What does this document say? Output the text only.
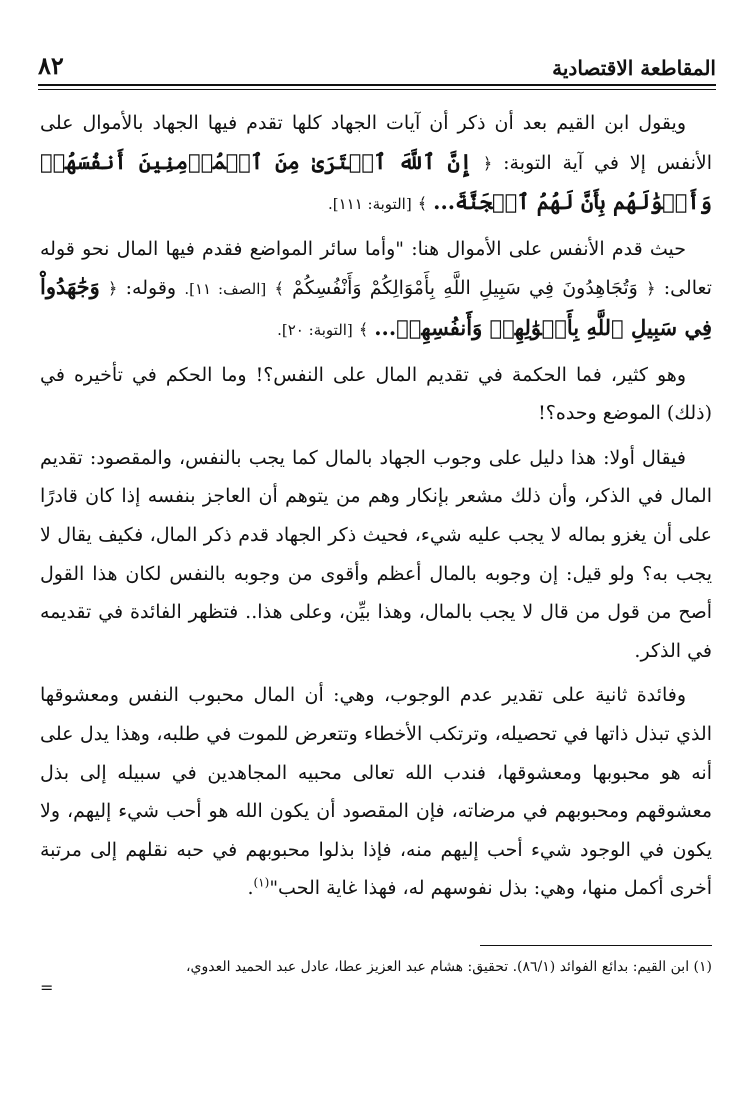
المقاطعة الاقتصادية
٨٢

ويقول ابن القيم بعد أن ذكر أن آيات الجهاد كلها تقدم فيها الجهاد بالأموال على الأنفس إلا في آية التوبة: ﴿ إِنَّ ٱللَّهَ ٱشۡتَرَىٰ مِنَ ٱلۡمُؤۡمِنِينَ أَنفُسَهُمۡ وَأَمۡوَٰلَهُم بِأَنَّ لَهُمُ ٱلۡجَنَّةَ... ﴾ [التوبة: ١١١].

حيث قدم الأنفس على الأموال هنا: "وأما سائر المواضع فقدم فيها المال نحو قوله تعالى: ﴿ وَتُجَاهِدُونَ فِي سَبِيلِ اللَّهِ بِأَمْوَالِكُمْ وَأَنْفُسِكُمْ ﴾ [الصف: ١١]. وقوله: ﴿ وَجَٰهَدُواْ فِي سَبِيلِ ٱللَّهِ بِأَمۡوَٰلِهِمۡ وَأَنفُسِهِمۡ... ﴾ [التوبة: ٢٠].

وهو كثير، فما الحكمة في تقديم المال على النفس؟! وما الحكم في تأخيره في (ذلك) الموضع وحده؟!

فيقال أولا: هذا دليل على وجوب الجهاد بالمال كما يجب بالنفس، والمقصود: تقديم المال في الذكر، وأن ذلك مشعر بإنكار وهم من يتوهم أن العاجز بنفسه إذا كان قادرًا على أن يغزو بماله لا يجب عليه شيء، فحيث ذكر الجهاد قدم ذكر المال، فكيف يقال لا يجب به؟ ولو قيل: إن وجوبه بالمال أعظم وأقوى من وجوبه بالنفس لكان هذا القول أصح من قول من قال لا يجب بالمال، وهذا بيِّن، وعلى هذا.. فتظهر الفائدة في تقديمه في الذكر.

وفائدة ثانية على تقدير عدم الوجوب، وهي: أن المال محبوب النفس ومعشوقها الذي تبذل ذاتها في تحصيله، وترتكب الأخطاء وتتعرض للموت في طلبه، وهذا يدل على أنه هو محبوبها ومعشوقها، فندب الله تعالى محبيه المجاهدين في سبيله إلى بذل معشوقهم ومحبوبهم في مرضاته، فإن المقصود أن يكون الله هو أحب شيء إليهم، ولا يكون في الوجود شيء أحب إليهم منه، فإذا بذلوا محبوبهم في حبه نقلهم إلى مرتبة أخرى أكمل منها، وهي: بذل نفوسهم له، فهذا غاية الحب"$^{(١)}$.

(١) ابن القيم: بدائع الفوائد (٨٦/١). تحقيق: هشام عبد العزيز عطا، عادل عبد الحميد العدوي،
=
